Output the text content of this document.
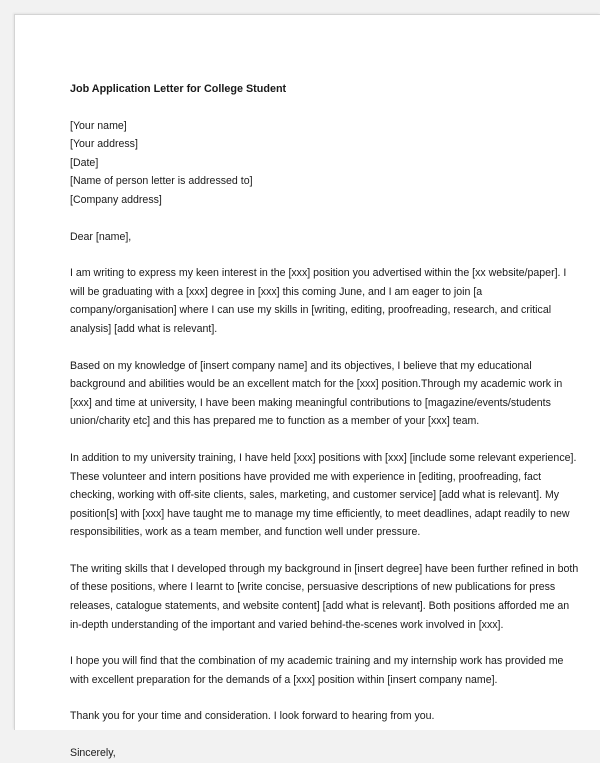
Job Application Letter for College Student
[Your name]
[Your address]
[Date]
[Name of person letter is addressed to]
[Company address]
Dear [name],
I am writing to express my keen interest in the [xxx] position you advertised within the [xx website/paper]. I
will be graduating with a [xxx] degree in [xxx] this coming June, and I am eager to join [a
company/organisation] where I can use my skills in [writing, editing, proofreading, research, and critical
analysis] [add what is relevant].
Based on my knowledge of [insert company name] and its objectives, I believe that my educational
background and abilities would be an excellent match for the [xxx] position.Through my academic work in
[xxx] and time at university, I have been making meaningful contributions to [magazine/events/students
union/charity etc] and this has prepared me to function as a member of your [xxx] team.
In addition to my university training, I have held [xxx] positions with [xxx] [include some relevant experience].
These volunteer and intern positions have provided me with experience in [editing, proofreading, fact
checking, working with off-site clients, sales, marketing, and customer service] [add what is relevant]. My
position[s] with [xxx] have taught me to manage my time efficiently, to meet deadlines, adapt readily to new
responsibilities, work as a team member, and function well under pressure.
The writing skills that I developed through my background in [insert degree] have been further refined in both
of these positions, where I learnt to [write concise, persuasive descriptions of new publications for press
releases, catalogue statements, and website content] [add what is relevant]. Both positions afforded me an
in-depth understanding of the important and varied behind-the-scenes work involved in [xxx].
I hope you will find that the combination of my academic training and my internship work has provided me
with excellent preparation for the demands of a [xxx] position within [insert company name].
Thank you for your time and consideration. I look forward to hearing from you.
Sincerely,
